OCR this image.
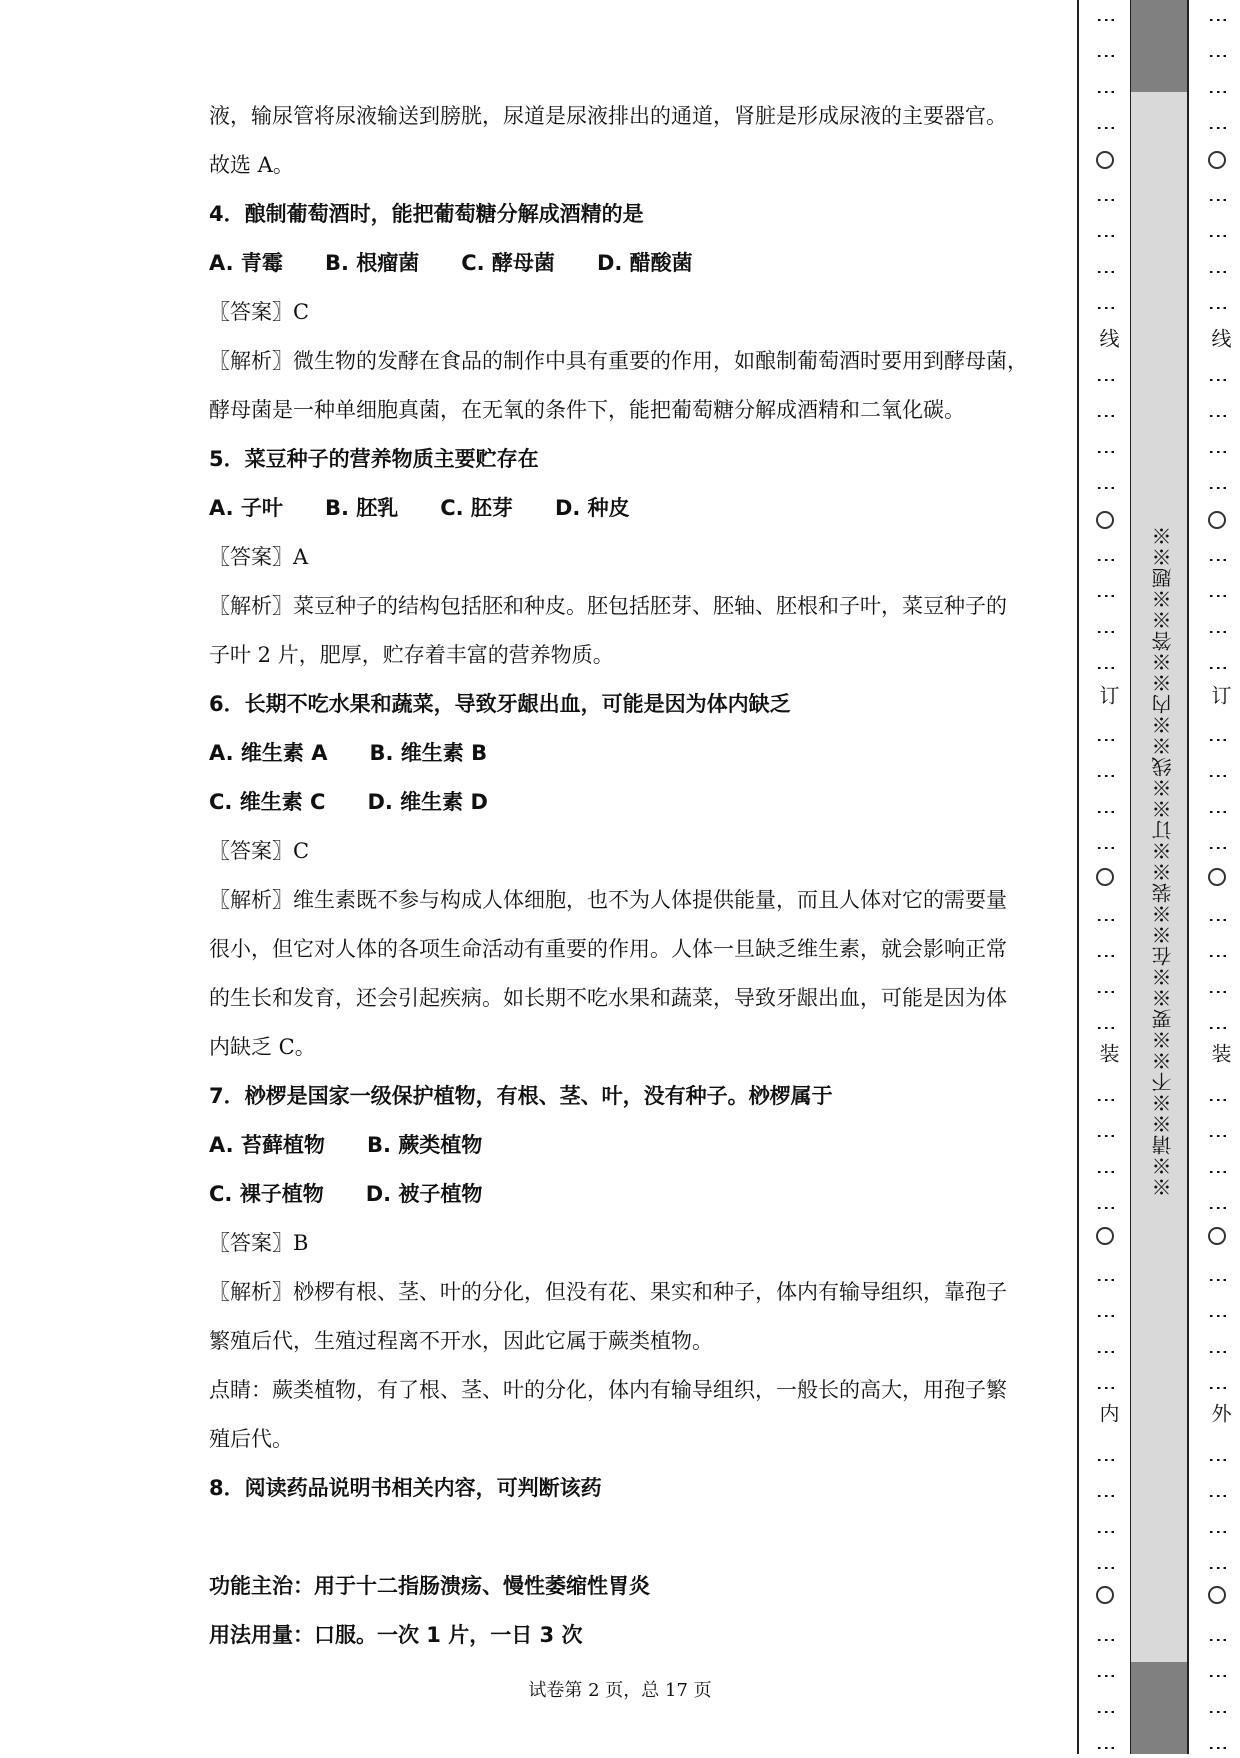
液，输尿管将尿液输送到膀胱，尿道是尿液排出的通道，肾脏是形成尿液的主要器官。
故选 A。
4．酿制葡萄酒时，能把葡萄糖分解成酒精的是
A. 青霉 B. 根瘤菌 C. 酵母菌 D. 醋酸菌
〖答案〗C
〖解析〗微生物的发酵在食品的制作中具有重要的作用，如酿制葡萄酒时要用到酵母菌，
酵母菌是一种单细胞真菌，在无氧的条件下，能把葡萄糖分解成酒精和二氧化碳。
5．菜豆种子的营养物质主要贮存在
A. 子叶 B. 胚乳 C. 胚芽 D. 种皮
〖答案〗A
〖解析〗菜豆种子的结构包括胚和种皮。胚包括胚芽、胚轴、胚根和子叶，菜豆种子的
子叶 2 片，肥厚，贮存着丰富的营养物质。
6．长期不吃水果和蔬菜，导致牙龈出血，可能是因为体内缺乏
A. 维生素 A B. 维生素 B
C. 维生素 C D. 维生素 D
〖答案〗C
〖解析〗维生素既不参与构成人体细胞，也不为人体提供能量，而且人体对它的需要量
很小，但它对人体的各项生命活动有重要的作用。人体一旦缺乏维生素，就会影响正常
的生长和发育，还会引起疾病。如长期不吃水果和蔬菜，导致牙龈出血，可能是因为体
内缺乏 C。
7．桫椤是国家一级保护植物，有根、茎、叶，没有种子。桫椤属于
A. 苔藓植物 B. 蕨类植物
C. 裸子植物 D. 被子植物
〖答案〗B
〖解析〗桫椤有根、茎、叶的分化，但没有花、果实和种子，体内有输导组织，靠孢子
繁殖后代，生殖过程离不开水，因此它属于蕨类植物。
点睛：蕨类植物，有了根、茎、叶的分化，体内有输导组织，一般长的高大，用孢子繁
殖后代。
8．阅读药品说明书相关内容，可判断该药
功能主治：用于十二指肠溃疡、慢性萎缩性胃炎
用法用量：口服。一次 1 片，一日 3 次
试卷第 2 页，总 17 页
※※请※※不※※要※※在※※装※※订※※线※※内※※答※※题※※
⋮
⋮
⋮
⋮
⋮
⋮
⋮
⋮
⋮
⋮
⋮
⋮
⋮
⋮
⋮
⋮
⋮
⋮
⋮
⋮
⋮
⋮
⋮
⋮
⋮
⋮
⋮
⋮
⋮
⋮
⋮
⋮
⋮
⋮
⋮
⋮
⋮
⋮
⋮
⋮
线
订
装
内
⋮
⋮
⋮
⋮
⋮
⋮
⋮
⋮
⋮
⋮
⋮
⋮
⋮
⋮
⋮
⋮
⋮
⋮
⋮
⋮
⋮
⋮
⋮
⋮
⋮
⋮
⋮
⋮
⋮
⋮
⋮
⋮
⋮
⋮
⋮
⋮
⋮
⋮
⋮
⋮
线
订
装
外
